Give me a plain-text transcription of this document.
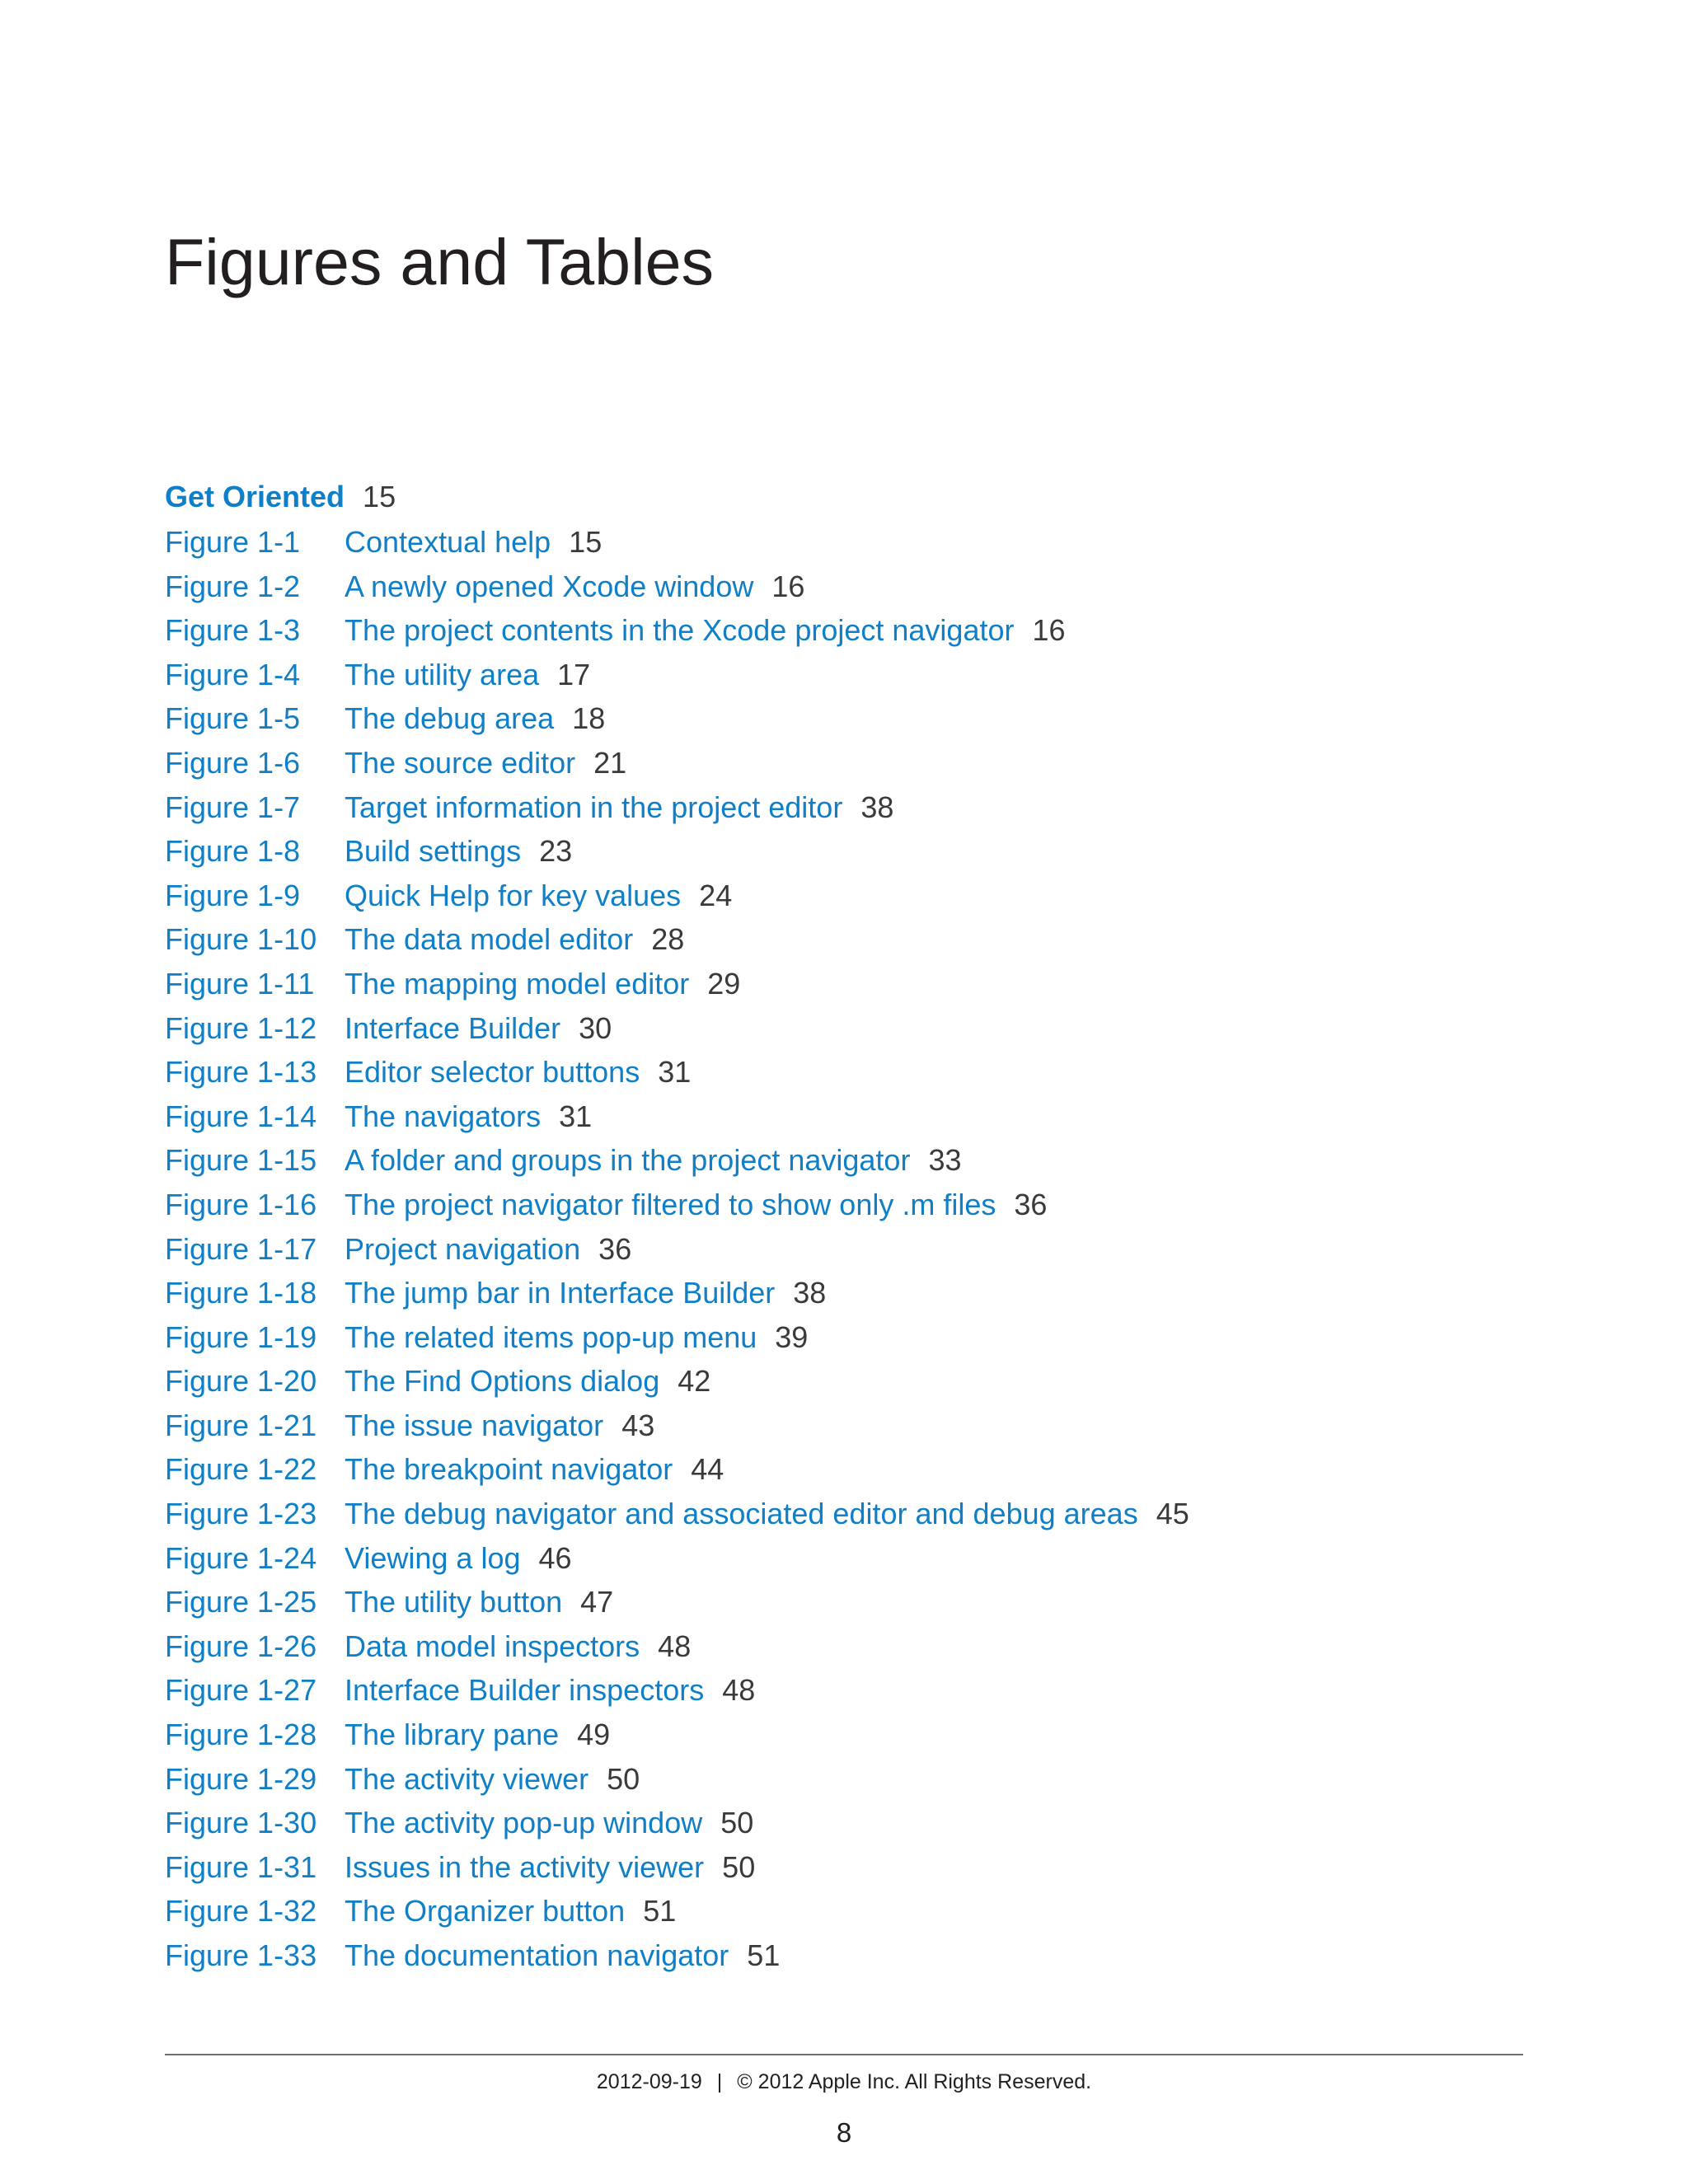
Figures and Tables
Get Oriented 15
Figure 1-1	Contextual help 15
Figure 1-2	A newly opened Xcode window 16
Figure 1-3	The project contents in the Xcode project navigator 16
Figure 1-4	The utility area 17
Figure 1-5	The debug area 18
Figure 1-6	The source editor 21
Figure 1-7	Target information in the project editor 38
Figure 1-8	Build settings 23
Figure 1-9	Quick Help for key values 24
Figure 1-10 The data model editor 28
Figure 1-11	The mapping model editor 29
Figure 1-12 Interface Builder 30
Figure 1-13 Editor selector buttons 31
Figure 1-14 The navigators 31
Figure 1-15 A folder and groups in the project navigator 33
Figure 1-16 The project navigator filtered to show only .m files 36
Figure 1-17 Project navigation 36
Figure 1-18 The jump bar in Interface Builder 38
Figure 1-19 The related items pop-up menu 39
Figure 1-20 The Find Options dialog 42
Figure 1-21 The issue navigator 43
Figure 1-22 The breakpoint navigator 44
Figure 1-23 The debug navigator and associated editor and debug areas 45
Figure 1-24 Viewing a log 46
Figure 1-25 The utility button 47
Figure 1-26 Data model inspectors 48
Figure 1-27 Interface Builder inspectors 48
Figure 1-28 The library pane 49
Figure 1-29 The activity viewer 50
Figure 1-30 The activity pop-up window 50
Figure 1-31 Issues in the activity viewer 50
Figure 1-32 The Organizer button 51
Figure 1-33 The documentation navigator 51
2012-09-19 | © 2012 Apple Inc. All Rights Reserved.
8
